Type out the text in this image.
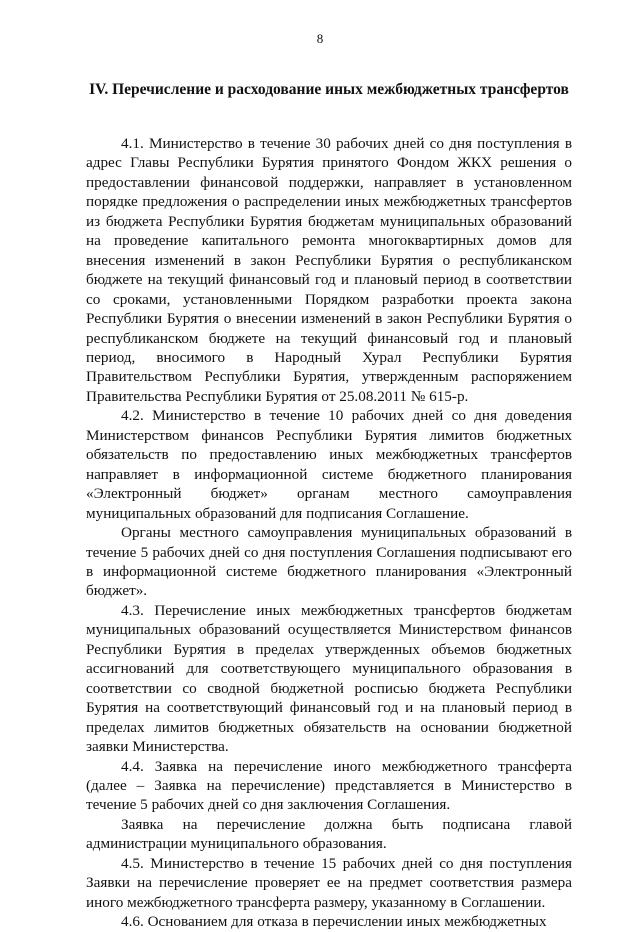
8
IV. Перечисление и расходование иных межбюджетных трансфертов

4.1. Министерство в течение 30 рабочих дней со дня поступления в адрес Главы Республики Бурятия принятого Фондом ЖКХ решения о предоставлении финансовой поддержки, направляет в установленном порядке предложения о распределении иных межбюджетных трансфертов из бюджета Республики Бурятия бюджетам муниципальных образований на проведение капитального ремонта многоквартирных домов для внесения изменений в закон Республики Бурятия о республиканском бюджете на текущий финансовый год и плановый период в соответствии со сроками, установленными Порядком разработки проекта закона Республики Бурятия о внесении изменений в закон Республики Бурятия о республиканском бюджете на текущий финансовый год и плановый период, вносимого в Народный Хурал Республики Бурятия Правительством Республики Бурятия, утвержденным распоряжением Правительства Республики Бурятия от 25.08.2011 № 615-р.

4.2. Министерство в течение 10 рабочих дней со дня доведения Министерством финансов Республики Бурятия лимитов бюджетных обязательств по предоставлению иных межбюджетных трансфертов направляет в информационной системе бюджетного планирования «Электронный бюджет» органам местного самоуправления муниципальных образований для подписания Соглашение.

Органы местного самоуправления муниципальных образований в течение 5 рабочих дней со дня поступления Соглашения подписывают его в информационной системе бюджетного планирования «Электронный бюджет».

4.3. Перечисление иных межбюджетных трансфертов бюджетам муниципальных образований осуществляется Министерством финансов Республики Бурятия в пределах утвержденных объемов бюджетных ассигнований для соответствующего муниципального образования в соответствии со сводной бюджетной росписью бюджета Республики Бурятия на соответствующий финансовый год и на плановый период в пределах лимитов бюджетных обязательств на основании бюджетной заявки Министерства.

4.4. Заявка на перечисление иного межбюджетного трансферта (далее – Заявка на перечисление) представляется в Министерство в течение 5 рабочих дней со дня заключения Соглашения.

Заявка на перечисление должна быть подписана главой администрации муниципального образования.

4.5. Министерство в течение 15 рабочих дней со дня поступления Заявки на перечисление проверяет ее на предмет соответствия размера иного межбюджетного трансферта размеру, указанному в Соглашении.

4.6. Основанием для отказа в перечислении иных межбюджетных
